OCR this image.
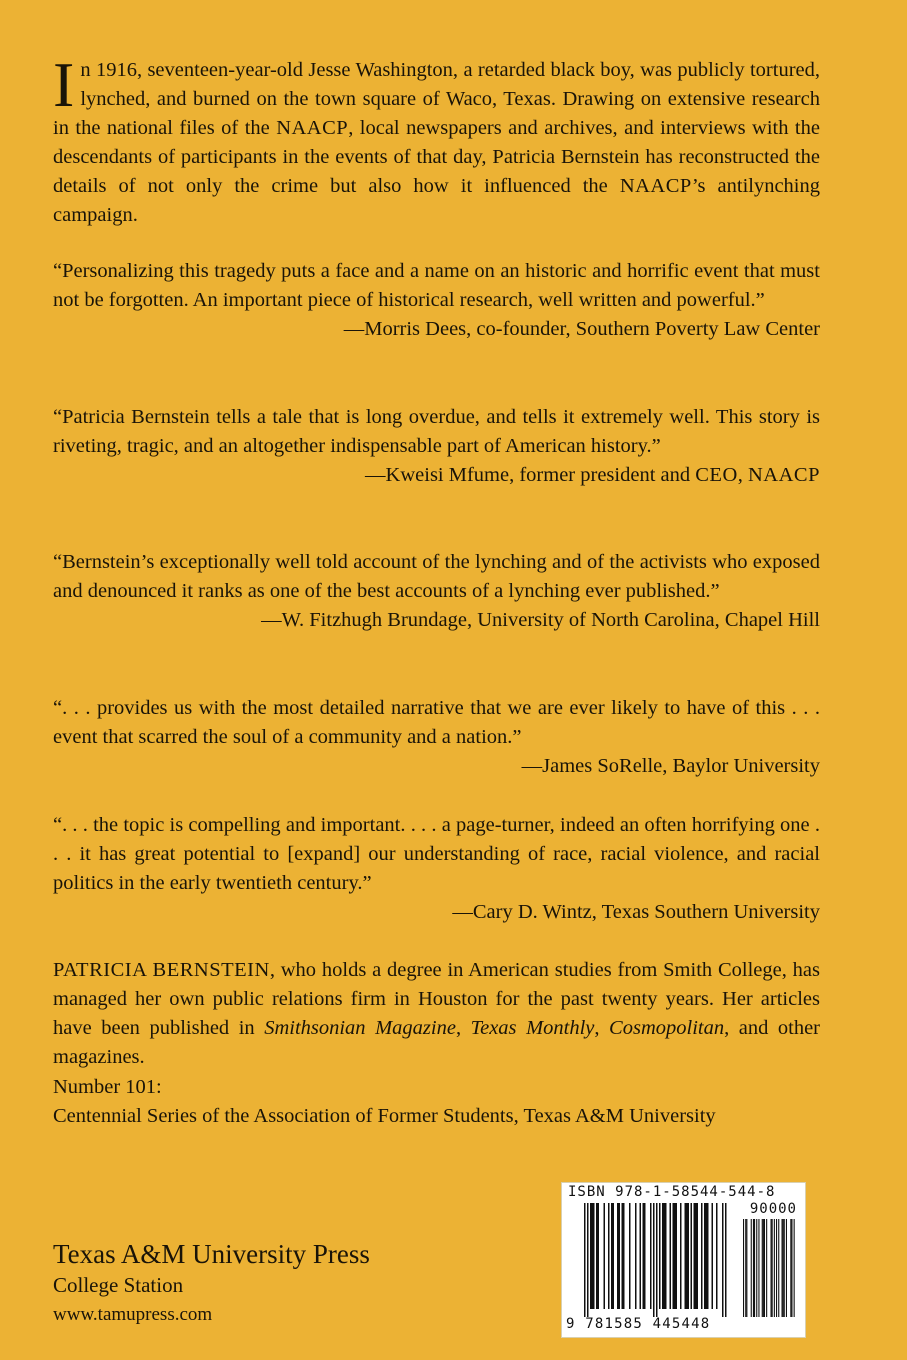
In 1916, seventeen-year-old Jesse Washington, a retarded black boy, was publicly tortured, lynched, and burned on the town square of Waco, Texas. Drawing on extensive research in the national files of the NAACP, local newspapers and archives, and interviews with the descendants of participants in the events of that day, Patricia Bernstein has reconstructed the details of not only the crime but also how it influenced the NAACP’s antilynching campaign.

“Personalizing this tragedy puts a face and a name on an historic and horrific event that must not be forgotten. An important piece of historical research, well written and powerful.”

—Morris Dees, co-founder, Southern Poverty Law Center

“Patricia Bernstein tells a tale that is long overdue, and tells it extremely well. This story is riveting, tragic, and an altogether indispensable part of American history.”

—Kweisi Mfume, former president and CEO, NAACP

“Bernstein’s exceptionally well told account of the lynching and of the activists who exposed and denounced it ranks as one of the best accounts of a lynching ever published.”

—W. Fitzhugh Brundage, University of North Carolina, Chapel Hill

“. . . provides us with the most detailed narrative that we are ever likely to have of this . . . event that scarred the soul of a community and a nation.”

—James SoRelle, Baylor University

“. . . the topic is compelling and important. . . . a page-turner, indeed an often horrifying one . . . it has great potential to [expand] our understanding of race, racial violence, and racial politics in the early twentieth century.”

—Cary D. Wintz, Texas Southern University

PATRICIA BERNSTEIN, who holds a degree in American studies from Smith College, has managed her own public relations firm in Houston for the past twenty years. Her articles have been published in Smithsonian Magazine, Texas Monthly, Cosmopolitan, and other magazines.

Number 101:
Centennial Series of the Association of Former Students, Texas A&M University
Texas A&M University Press
College Station
www.tamupress.com
ISBN 978-1-58544-544-8
90000
9 781585 445448
